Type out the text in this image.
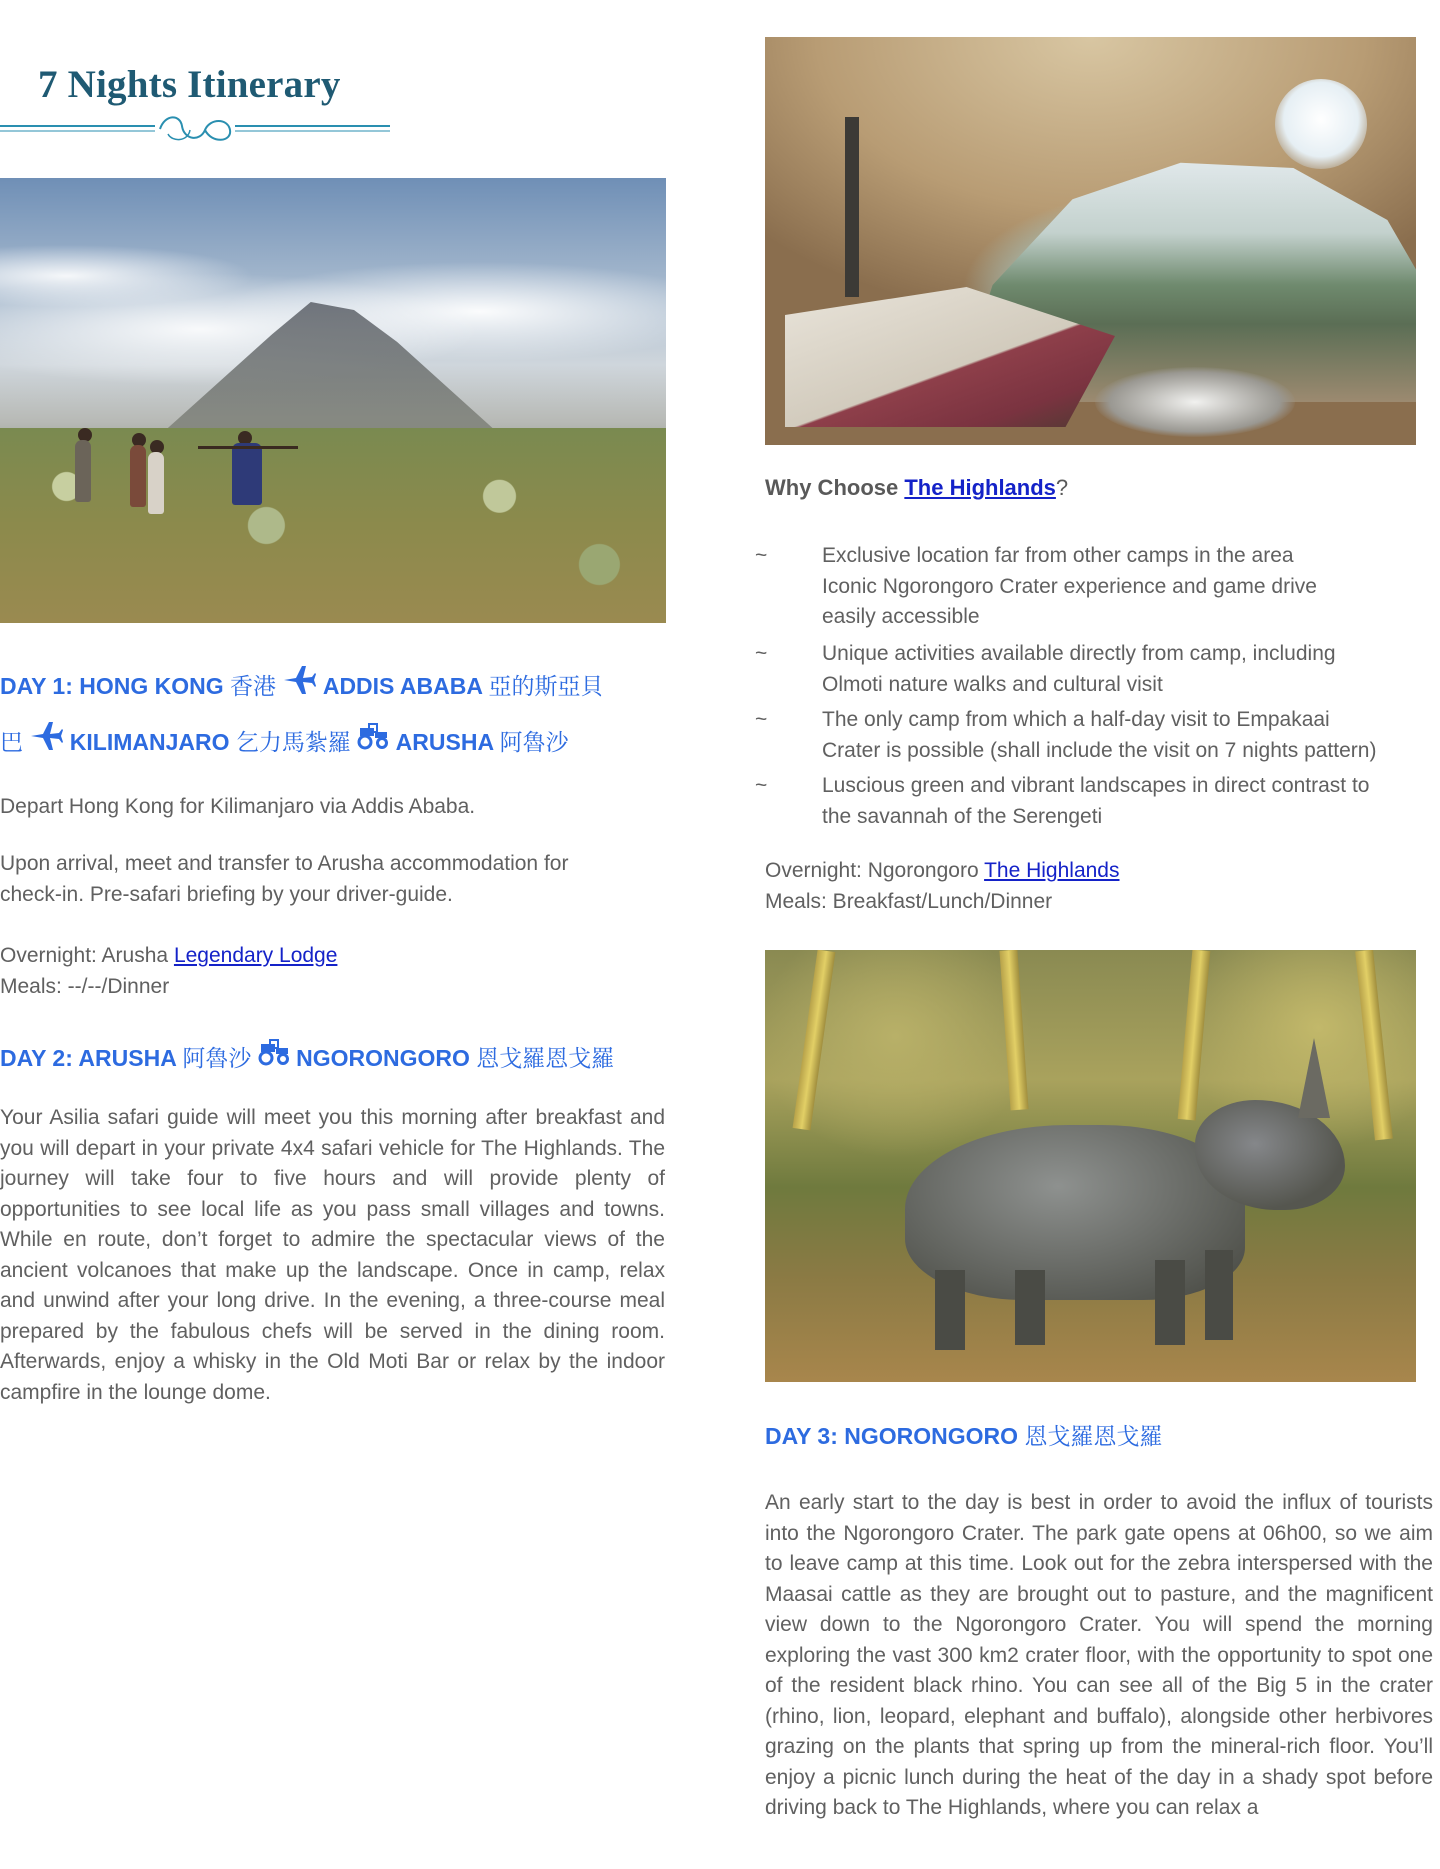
7 Nights Itinerary

DAY 1: HONG KONG 香港  ADDIS ABABA 亞的斯亞貝
巴  KILIMANJARO 乞力馬紮羅  ARUSHA 阿魯沙

Depart Hong Kong for Kilimanjaro via Addis Ababa.

Upon arrival, meet and transfer to Arusha accommodation for

check-in. Pre-safari briefing by your driver-guide.

Overnight: Arusha Legendary Lodge

Meals: --/--/Dinner

DAY 2: ARUSHA 阿魯沙  NGORONGORO 恩戈羅恩戈羅

Your Asilia safari guide will meet you this morning after breakfast and you will depart in your private 4x4 safari vehicle for The Highlands. The journey will take four to five hours and will provide plenty of opportunities to see local life as you pass small villages and towns. While en route, don’t forget to admire the spectacular views of the ancient volcanoes that make up the landscape. Once in camp, relax and unwind after your long drive. In the evening, a three-course meal prepared by the fabulous chefs will be served in the dining room. Afterwards, enjoy a whisky in the Old Moti Bar or relax by the indoor campfire in the lounge dome.

Why Choose The Highlands?

~	Exclusive location far from other camps in the area
Iconic Ngorongoro Crater experience and game drive
easily accessible
~	Unique activities available directly from camp, including
Olmoti nature walks and cultural visit
~	The only camp from which a half-day visit to Empakaai
Crater is possible (shall include the visit on 7 nights pattern)
~	Luscious green and vibrant landscapes in direct contrast to
the savannah of the Serengeti

Overnight: Ngorongoro The Highlands

Meals: Breakfast/Lunch/Dinner

DAY 3: NGORONGORO 恩戈羅恩戈羅

An early start to the day is best in order to avoid the influx of tourists into the Ngorongoro Crater. The park gate opens at 06h00, so we aim to leave camp at this time. Look out for the zebra interspersed with the Maasai cattle as they are brought out to pasture, and the magnificent view down to the Ngorongoro Crater. You will spend the morning exploring the vast 300 km2 crater floor, with the opportunity to spot one of the resident black rhino. You can see all of the Big 5 in the crater (rhino, lion, leopard, elephant and buffalo), alongside other herbivores grazing on the plants that spring up from the mineral-rich floor. You’ll enjoy a picnic lunch during the heat of the day in a shady spot before driving back to The Highlands, where you can relax a
